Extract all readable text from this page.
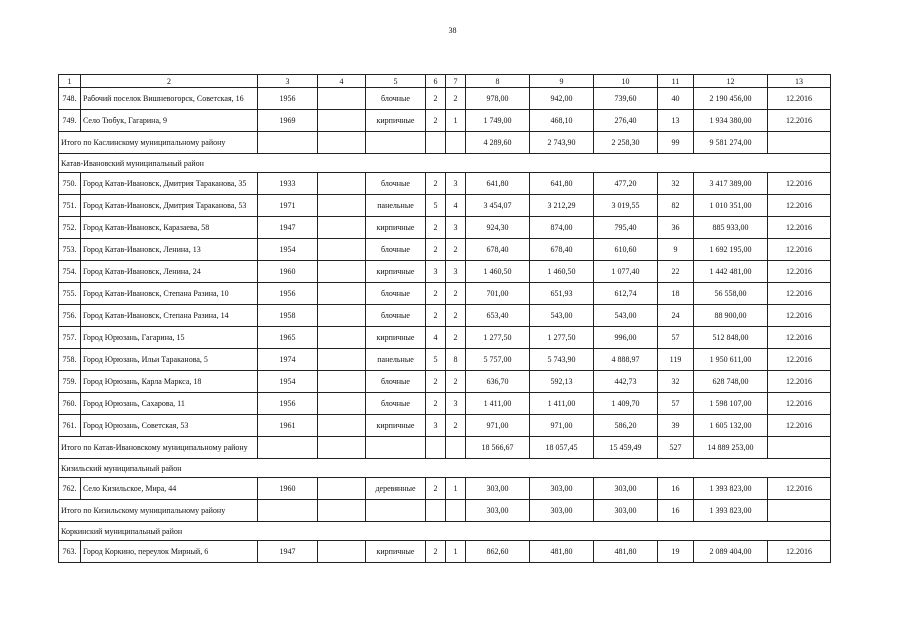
38
1	2	3	4	5	6	7	8	9	10	11	12	13
748.	Рабочий поселок Вишневогорск, Советская, 16	1956		блочные	2	2	978,00	942,00	739,60	40	2 190 456,00	12.2016
749.	Село Тюбук, Гагарина, 9	1969		кирпичные	2	1	1 749,00	468,10	276,40	13	1 934 380,00	12.2016
Итого по Каслинскому муниципальному району							4 289,60	2 743,90	2 258,30	99	9 581 274,00	
Катав-Ивановский муниципальный район												
750.	Город Катав-Ивановск, Дмитрия Тараканова, 35	1933		блочные	2	3	641,80	641,80	477,20	32	3 417 389,00	12.2016
751.	Город Катав-Ивановск, Дмитрия Тараканова, 53	1971		панельные	5	4	3 454,07	3 212,29	3 019,55	82	1 010 351,00	12.2016
752.	Город Катав-Ивановск, Каразаева, 58	1947		кирпичные	2	3	924,30	874,00	795,40	36	885 933,00	12.2016
753.	Город Катав-Ивановск, Ленина, 13	1954		блочные	2	2	678,40	678,40	610,60	9	1 692 195,00	12.2016
754.	Город Катав-Ивановск, Ленина, 24	1960		кирпичные	3	3	1 460,50	1 460,50	1 077,40	22	1 442 481,00	12.2016
755.	Город Катав-Ивановск, Степана Разина, 10	1956		блочные	2	2	701,00	651,93	612,74	18	56 558,00	12.2016
756.	Город Катав-Ивановск, Степана Разина, 14	1958		блочные	2	2	653,40	543,00	543,00	24	88 900,00	12.2016
757.	Город Юрюзань, Гагарина, 15	1965		кирпичные	4	2	1 277,50	1 277,50	996,00	57	512 848,00	12.2016
758.	Город Юрюзань, Ильи Тараканова, 5	1974		панельные	5	8	5 757,00	5 743,90	4 888,97	119	1 950 611,00	12.2016
759.	Город Юрюзань, Карла Маркса, 18	1954		блочные	2	2	636,70	592,13	442,73	32	628 748,00	12.2016
760.	Город Юрюзань, Сахарова, 11	1956		блочные	2	3	1 411,00	1 411,00	1 409,70	57	1 598 107,00	12.2016
761.	Город Юрюзань, Советская, 53	1961		кирпичные	3	2	971,00	971,00	586,20	39	1 605 132,00	12.2016
Итого по Катав-Ивановскому муниципальному району							18 566,67	18 057,45	15 459,49	527	14 889 253,00	
Кизильский муниципальный район												
762.	Село Кизильское, Мира, 44	1960		деревянные	2	1	303,00	303,00	303,00	16	1 393 823,00	12.2016
Итого по Кизильскому муниципальному району							303,00	303,00	303,00	16	1 393 823,00	
Коркинский муниципальный район												
763.	Город Коркино, переулок Мирный, 6	1947		кирпичные	2	1	862,60	481,80	481,80	19	2 089 404,00	12.2016
